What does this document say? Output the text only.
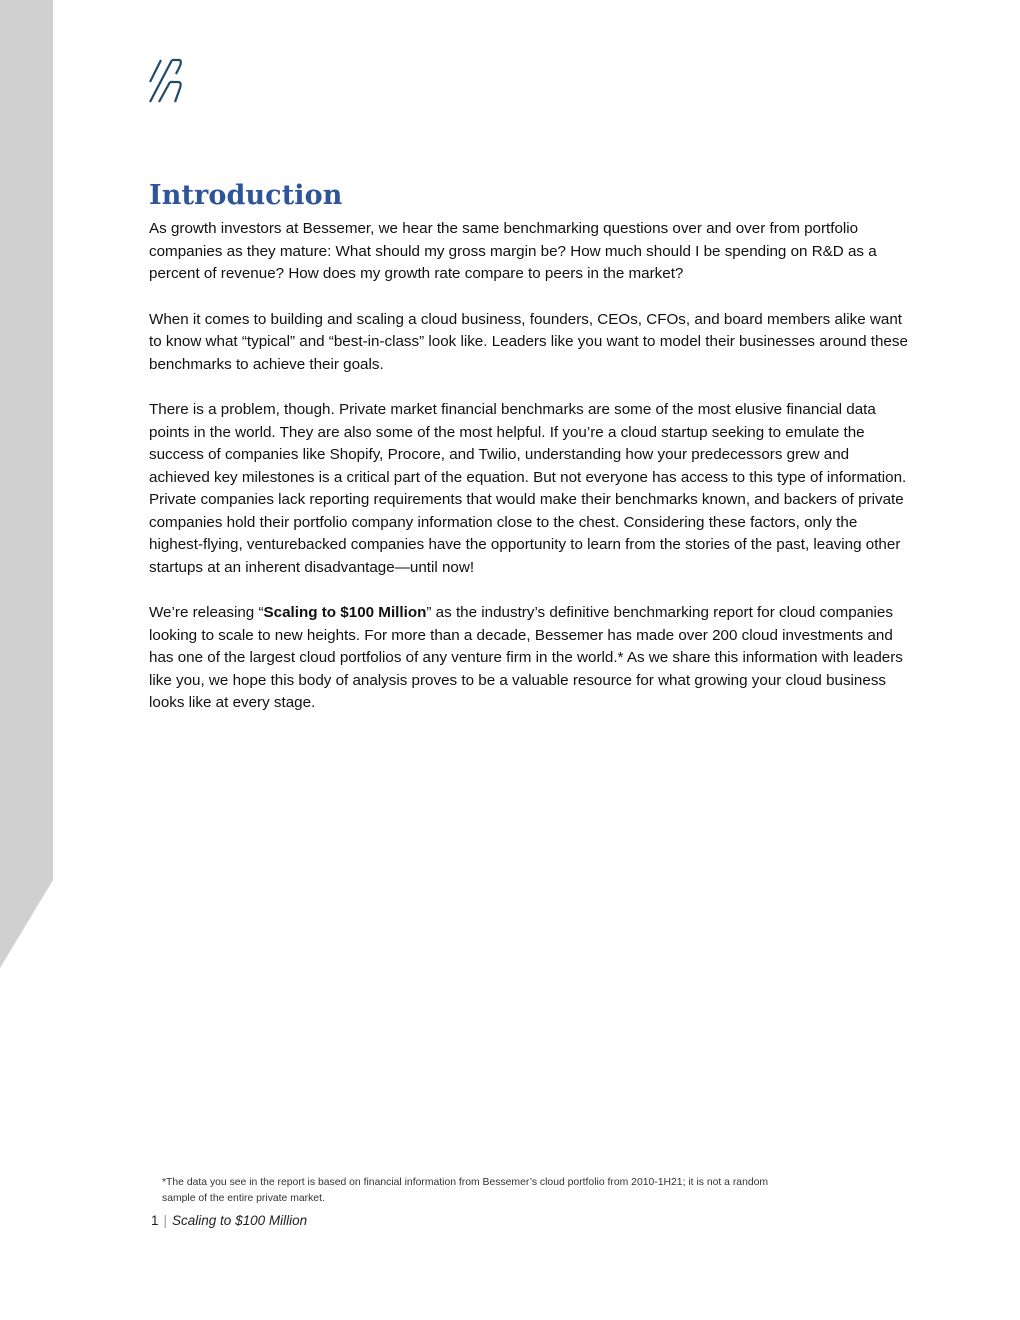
Introduction

As growth investors at Bessemer, we hear the same benchmarking questions over and over from portfolio companies as they mature: What should my gross margin be? How much should I be spending on R&D as a percent of revenue? How does my growth rate compare to peers in the market?

When it comes to building and scaling a cloud business, founders, CEOs, CFOs, and board members alike want to know what “typical” and “best-in-class” look like. Leaders like you want to model their businesses around these benchmarks to achieve their goals.

There is a problem, though. Private market financial benchmarks are some of the most elusive financial data points in the world. They are also some of the most helpful. If you’re a cloud startup seeking to emulate the success of companies like Shopify, Procore, and Twilio, understanding how your predecessors grew and achieved key milestones is a critical part of the equation. But not everyone has access to this type of information. Private companies lack reporting requirements that would make their benchmarks known, and backers of private companies hold their portfolio company information close to the chest. Considering these factors, only the highest-flying, venturebacked companies have the opportunity to learn from the stories of the past, leaving other startups at an inherent disadvantage—until now!

We’re releasing “Scaling to $100 Million” as the industry’s definitive benchmarking report for cloud companies looking to scale to new heights. For more than a decade, Bessemer has made over 200 cloud investments and has one of the largest cloud portfolios of any venture firm in the world.* As we share this information with leaders like you, we hope this body of analysis proves to be a valuable resource for what growing your cloud business looks like at every stage.

*The data you see in the report is based on financial information from Bessemer’s cloud portfolio from 2010-1H21; it is not a random sample of the entire private market.
1 | Scaling to $100 Million
